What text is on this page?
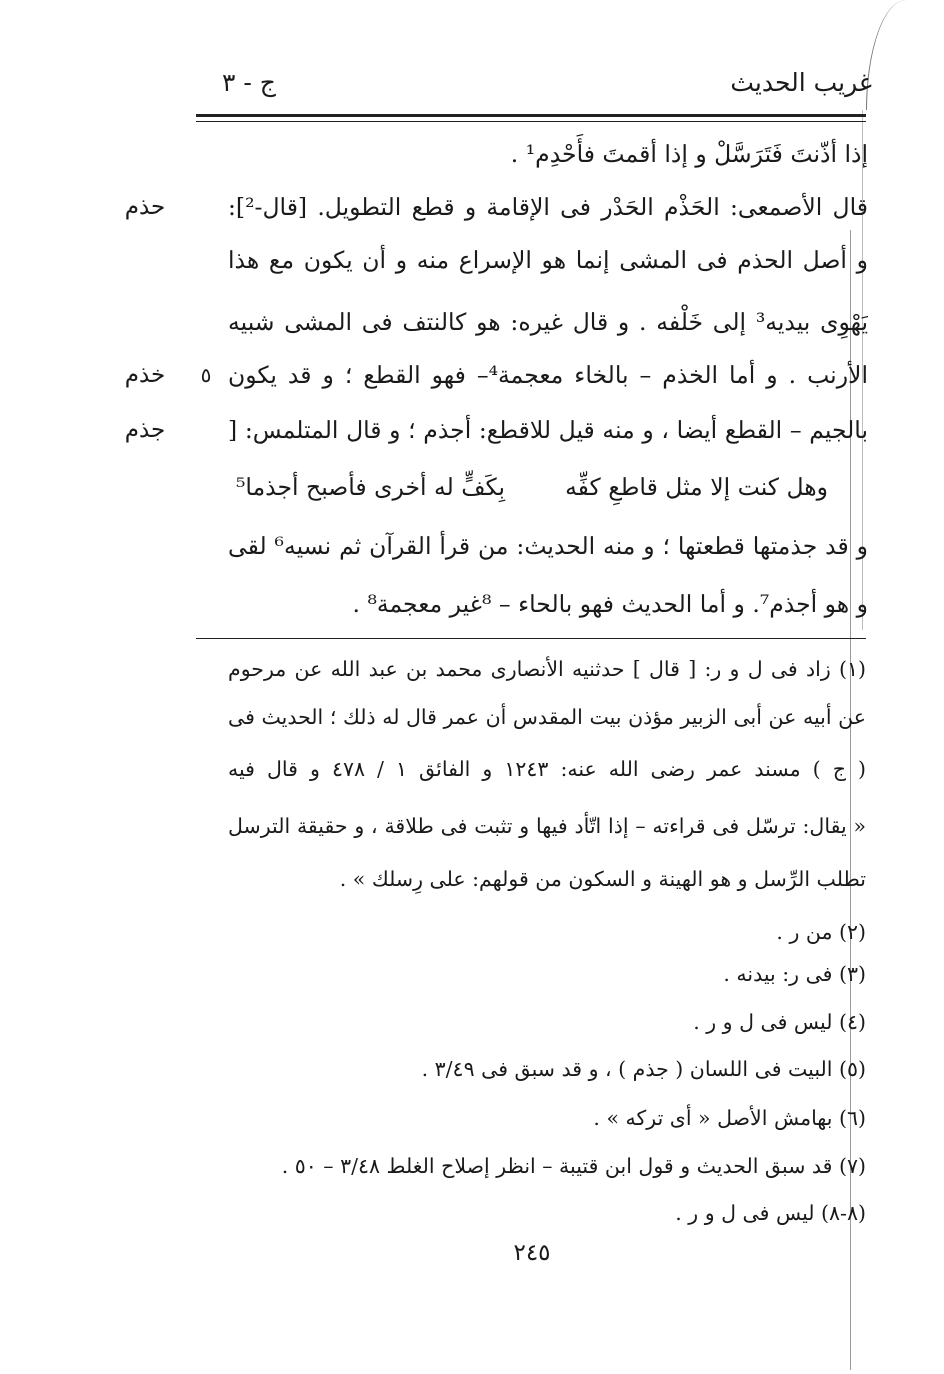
غريب الحديث
ج - ٣
إذا أذّنتَ فَتَرَسَّلْ و إذا أقمتَ فأَحْدِم¹ .
قال الأصمعى: الحَذْم الحَدْر فى الإقامة و قطع التطويل. [قال-²]:
و أصل الحذم فى المشى إنما هو الإسراع منه و أن يكون مع هذا
يَهْوِى بيديه³ إلى خَلْفه . و قال غيره: هو كالنتف فى المشى شبيه
الأرنب . و أما الخذم – بالخاء معجمة⁴– فهو القطع ؛ و قد يكون
بالجيم – القطع أيضا ، و منه قيل للاقطع: أجذم ؛ و قال المتلمس: [
وهل كنت إلا مثل قاطعِ كفِّه
بِكَفٍّ له أخرى فأصبح أجذما⁵
و قد جذمتها قطعتها ؛ و منه الحديث: من قرأ القرآن ثم نسيه⁶ لقى
و هو أجذم⁷. و أما الحديث فهو بالحاء – ⁸غير معجمة⁸ .
حذم
خذم
جذم
٥
(١) زاد فى ل و ر: [ قال ] حدثنيه الأنصارى محمد بن عبد الله عن مرحوم
عن أبيه عن أبى الزبير مؤذن بيت المقدس أن عمر قال له ذلك ؛ الحديث فى
( ج ) مسند عمر رضى الله عنه: ١٢٤٣ و الفائق ١ / ٤٧٨ و قال فيه
« يقال: ترسّل فى قراءته – إذا اتّأد فيها و تثبت فى طلاقة ، و حقيقة الترسل
تطلب الرِّسل و هو الهينة و السكون من قولهم: على رِسلك » .
(٢) من ر .
(٣) فى ر: بيدنه .
(٤) ليس فى ل و ر .
(٥) البيت فى اللسان ( جذم ) ، و قد سبق فى ٣/٤٩ .
(٦) بهامش الأصل « أى تركه » .
(٧) قد سبق الحديث و قول ابن قتيبة – انظر إصلاح الغلط ٣/٤٨ – ٥٠ .
(٨-٨) ليس فى ل و ر .
٢٤٥
